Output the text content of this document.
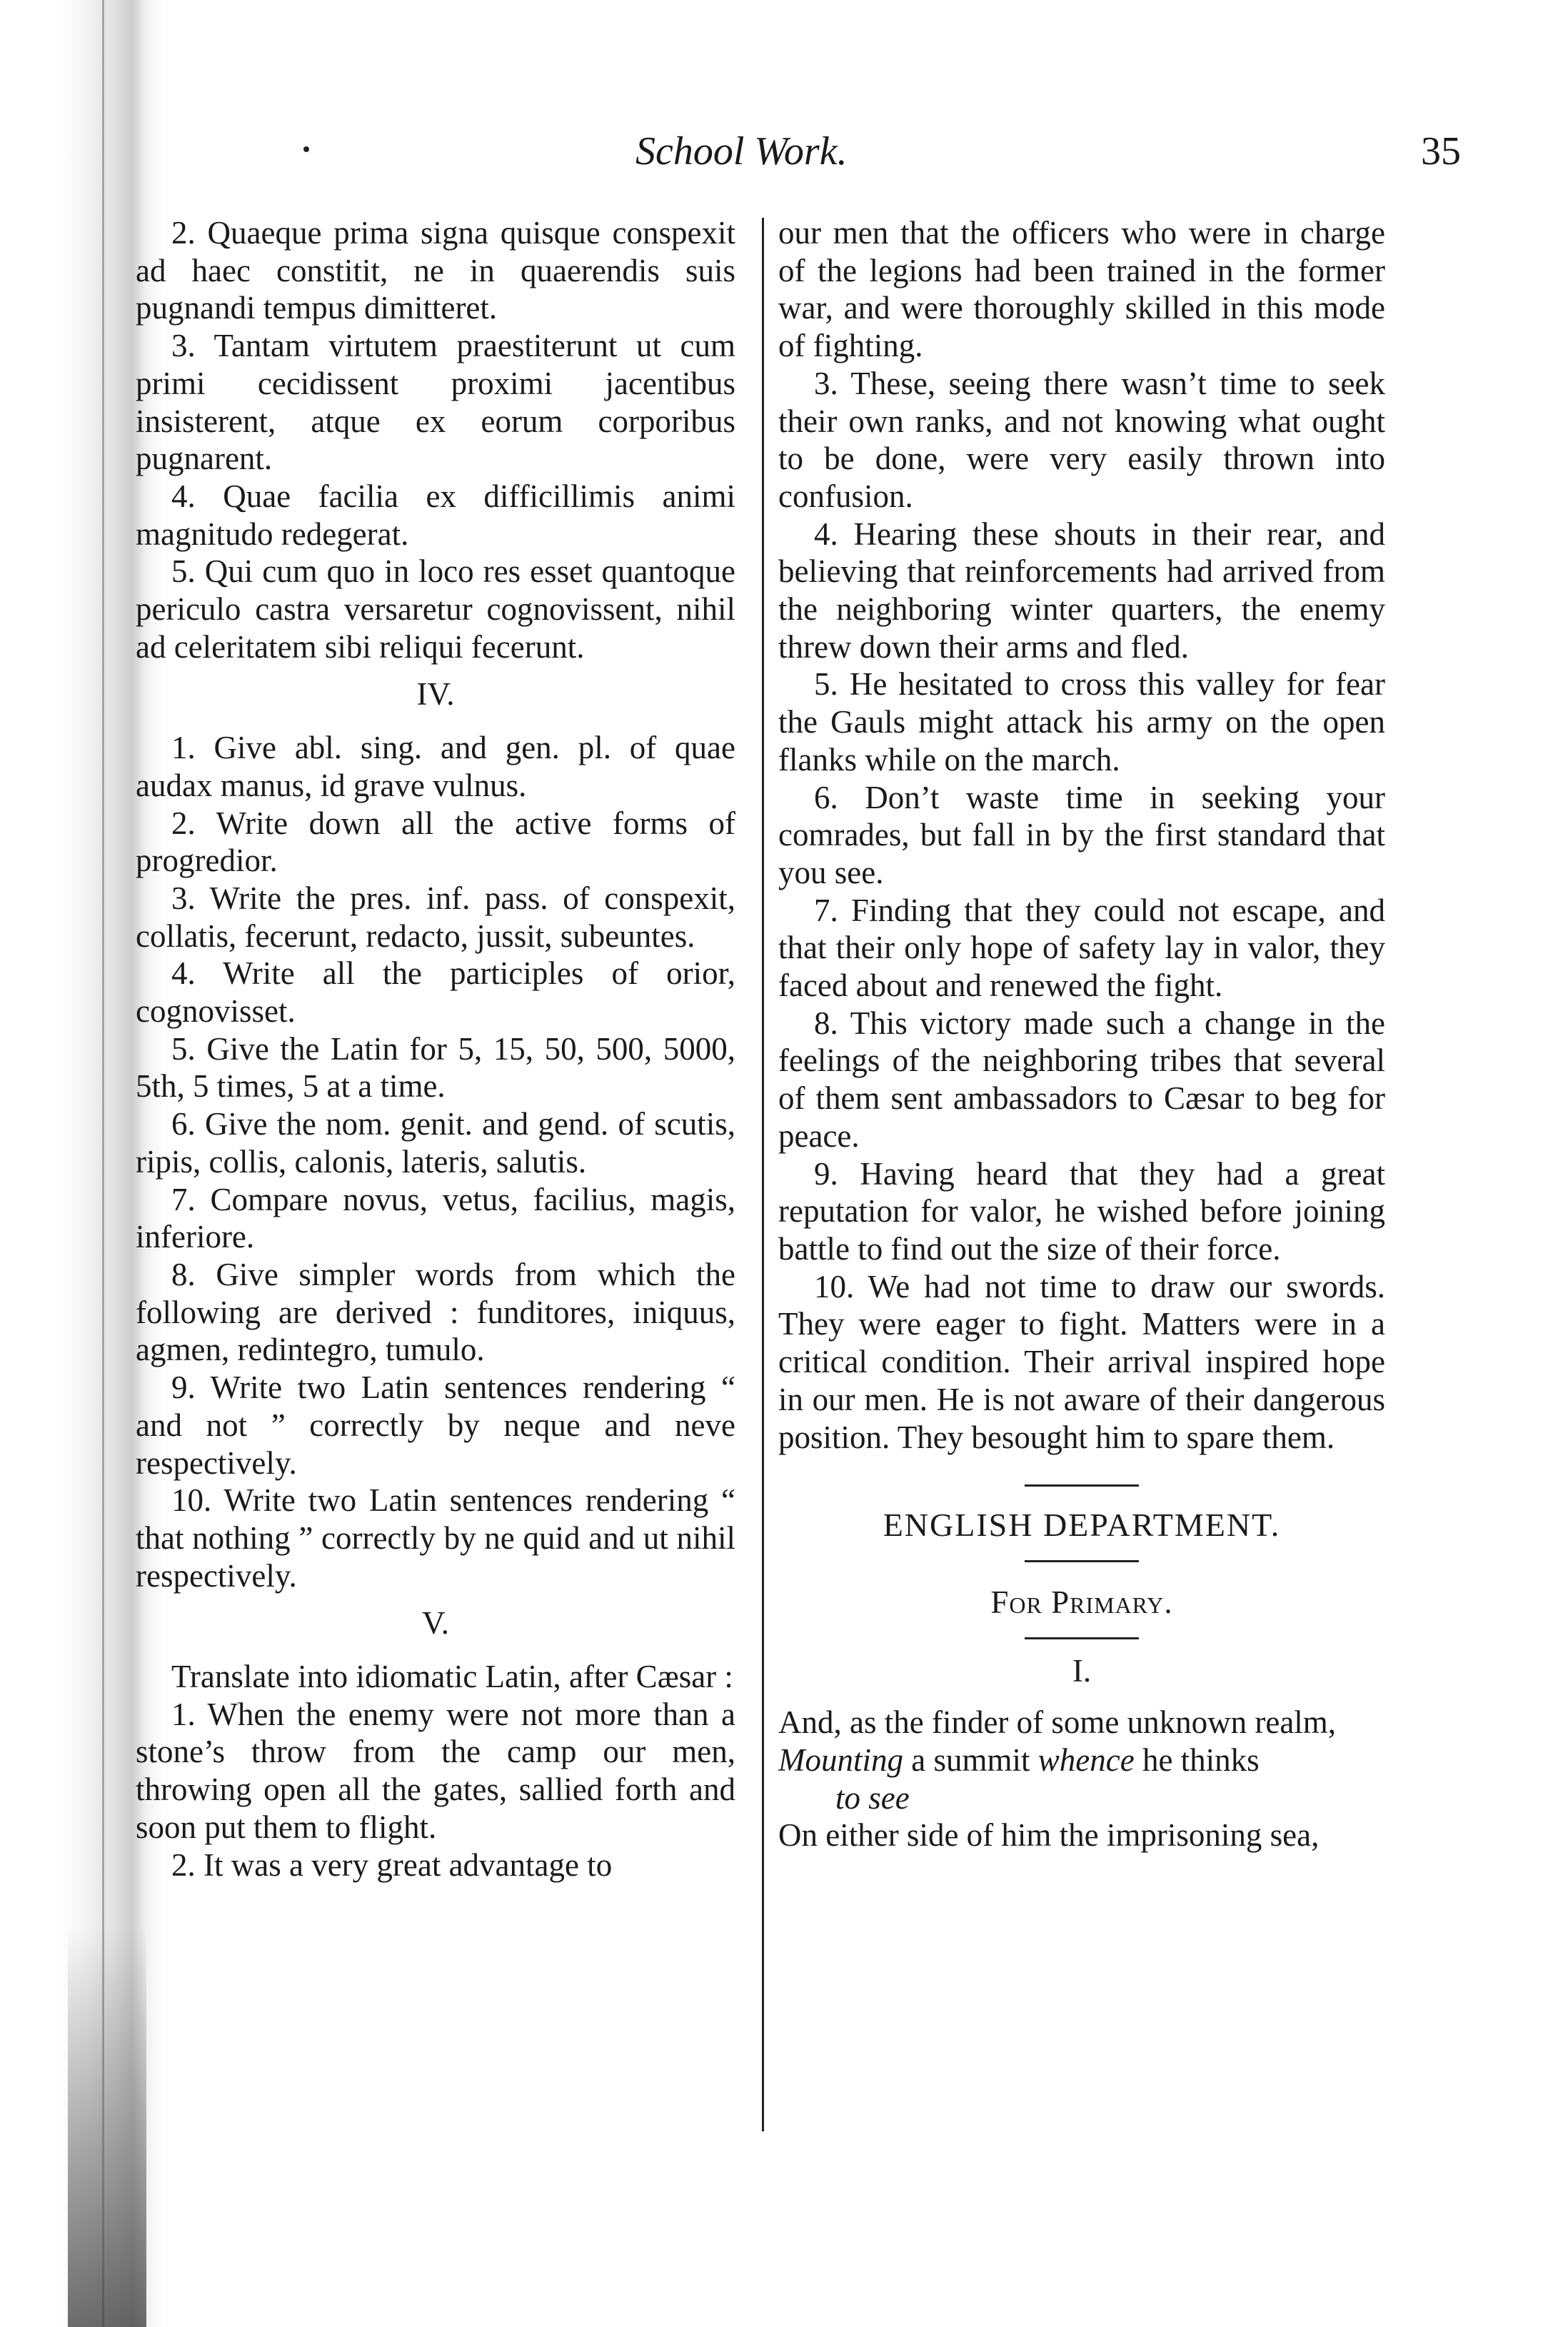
School Work.	35

2. Quaeque prima signa quisque conspexit ad haec constitit, ne in quaerendis suis pugnandi tempus dimitteret.

3. Tantam virtutem praestiterunt ut cum primi cecidissent proximi jacentibus insisterent, atque ex eorum corporibus pugnarent.

4. Quae facilia ex difficillimis animi magnitudo redegerat.

5. Qui cum quo in loco res esset quantoque periculo castra versaretur cognovissent, nihil ad celeritatem sibi reliqui fecerunt.

IV.

1. Give abl. sing. and gen. pl. of quae audax manus, id grave vulnus.

2. Write down all the active forms of progredior.

3. Write the pres. inf. pass. of conspexit, collatis, fecerunt, redacto, jussit, subeuntes.

4. Write all the participles of orior, cognovisset.

5. Give the Latin for 5, 15, 50, 500, 5000, 5th, 5 times, 5 at a time.

6. Give the nom. genit. and gend. of scutis, ripis, collis, calonis, lateris, salutis.

7. Compare novus, vetus, facilius, magis, inferiore.

8. Give simpler words from which the following are derived : funditores, iniquus, agmen, redintegro, tumulo.

9. Write two Latin sentences rendering “ and not ” correctly by neque and neve respectively.

10. Write two Latin sentences rendering “ that nothing ” correctly by ne quid and ut nihil respectively.

V.

Translate into idiomatic Latin, after Cæsar :

1. When the enemy were not more than a stone’s throw from the camp our men, throwing open all the gates, sallied forth and soon put them to flight.

2. It was a very great advantage to

our men that the officers who were in charge of the legions had been trained in the former war, and were thoroughly skilled in this mode of fighting.

3. These, seeing there wasn’t time to seek their own ranks, and not knowing what ought to be done, were very easily thrown into confusion.

4. Hearing these shouts in their rear, and believing that reinforcements had arrived from the neighboring winter quarters, the enemy threw down their arms and fled.

5. He hesitated to cross this valley for fear the Gauls might attack his army on the open flanks while on the march.

6. Don’t waste time in seeking your comrades, but fall in by the first standard that you see.

7. Finding that they could not escape, and that their only hope of safety lay in valor, they faced about and renewed the fight.

8. This victory made such a change in the feelings of the neighboring tribes that several of them sent ambassadors to Cæsar to beg for peace.

9. Having heard that they had a great reputation for valor, he wished before joining battle to find out the size of their force.

10. We had not time to draw our swords. They were eager to fight. Matters were in a critical condition. Their arrival inspired hope in our men. He is not aware of their dangerous position. They besought him to spare them.

ENGLISH DEPARTMENT.
For Primary.
I.

And, as the finder of some unknown realm,

Mounting a summit whence he thinks
to see

On either side of him the imprisoning sea,
